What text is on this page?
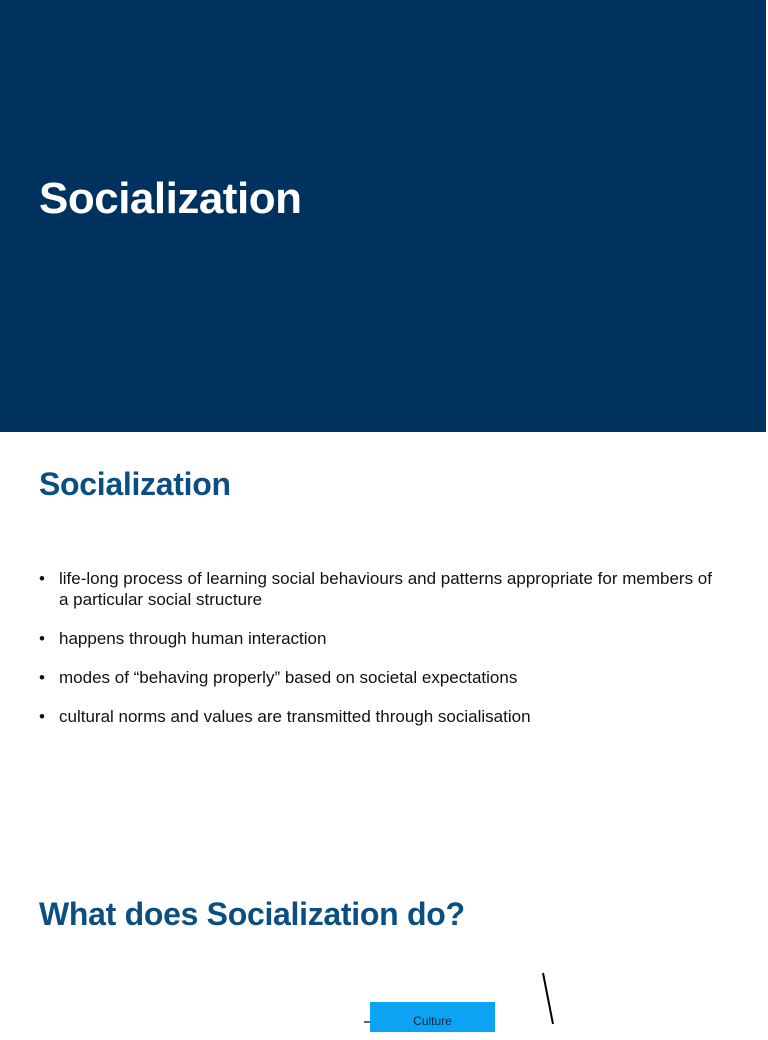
Socialization
Socialization
• life-long process of learning social behaviours and patterns appropriate for members of a particular social structure
• happens through human interaction
• modes of “behaving properly” based on societal expectations
• cultural norms and values are transmitted through socialisation
What does Socialization do?
Culture
